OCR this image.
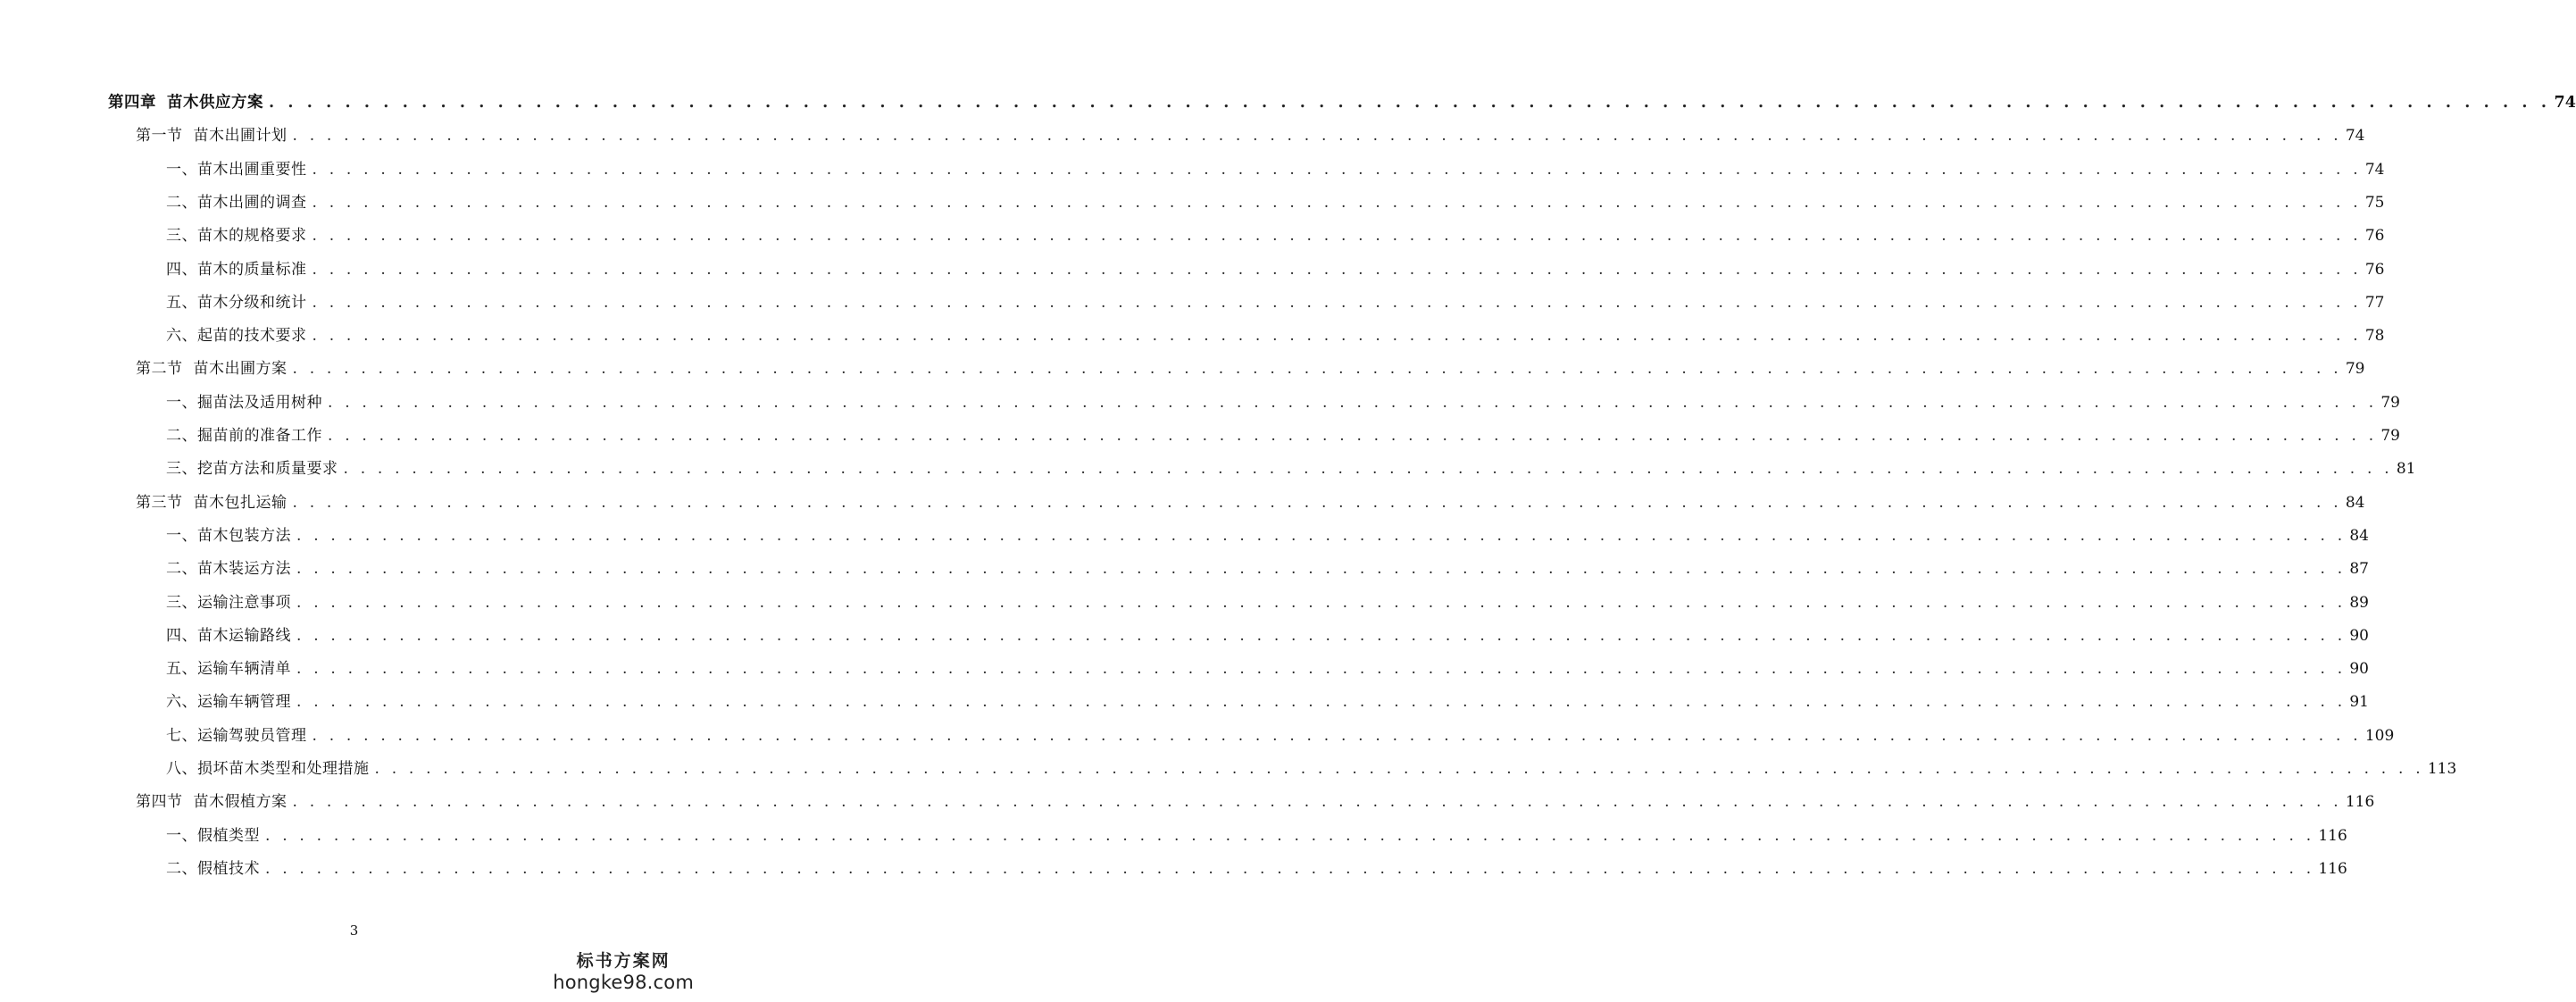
第四章 苗木供应方案 . . . . . . . . . . . . . . . . . . . . . . . . . . . . . . . . . . . . . . . . . . . . . . . . . . . . . . . . . . . . . . . . . . . . . . . . . . . . . . . . . . . . . . . . . . . . . . . . . . . . . . . . . . . . . . . . . . . . . . . . 74
第一节 苗木出圃计划 . . . . . . . . . . . . . . . . . . . . . . . . . . . . . . . . . . . . . . . . . . . . . . . . . . . . . . . . . . . . . . . . . . . . . . . . . . . . . . . . . . . . . . . . . . . . . . . . . . . . . . . . . . . . . . . . . . . . . . . . 74
一、 苗木出圃重要性 . . . . . . . . . . . . . . . . . . . . . . . . . . . . . . . . . . . . . . . . . . . . . . . . . . . . . . . . . . . . . . . . . . . . . . . . . . . . . . . . . . . . . . . . . . . . . . . . . . . . . . . . . . . . . . . . . . . . . . . . 74
二、 苗木出圃的调查 . . . . . . . . . . . . . . . . . . . . . . . . . . . . . . . . . . . . . . . . . . . . . . . . . . . . . . . . . . . . . . . . . . . . . . . . . . . . . . . . . . . . . . . . . . . . . . . . . . . . . . . . . . . . . . . . . . . . . . . . 75
三、 苗木的规格要求 . . . . . . . . . . . . . . . . . . . . . . . . . . . . . . . . . . . . . . . . . . . . . . . . . . . . . . . . . . . . . . . . . . . . . . . . . . . . . . . . . . . . . . . . . . . . . . . . . . . . . . . . . . . . . . . . . . . . . . . . 76
四、 苗木的质量标准 . . . . . . . . . . . . . . . . . . . . . . . . . . . . . . . . . . . . . . . . . . . . . . . . . . . . . . . . . . . . . . . . . . . . . . . . . . . . . . . . . . . . . . . . . . . . . . . . . . . . . . . . . . . . . . . . . . . . . . . . 76
五、 苗木分级和统计 . . . . . . . . . . . . . . . . . . . . . . . . . . . . . . . . . . . . . . . . . . . . . . . . . . . . . . . . . . . . . . . . . . . . . . . . . . . . . . . . . . . . . . . . . . . . . . . . . . . . . . . . . . . . . . . . . . . . . . . . 77
六、 起苗的技术要求 . . . . . . . . . . . . . . . . . . . . . . . . . . . . . . . . . . . . . . . . . . . . . . . . . . . . . . . . . . . . . . . . . . . . . . . . . . . . . . . . . . . . . . . . . . . . . . . . . . . . . . . . . . . . . . . . . . . . . . . . 78
第二节 苗木出圃方案 . . . . . . . . . . . . . . . . . . . . . . . . . . . . . . . . . . . . . . . . . . . . . . . . . . . . . . . . . . . . . . . . . . . . . . . . . . . . . . . . . . . . . . . . . . . . . . . . . . . . . . . . . . . . . . . . . . . . . . . . 79
一、 掘苗法及适用树种 . . . . . . . . . . . . . . . . . . . . . . . . . . . . . . . . . . . . . . . . . . . . . . . . . . . . . . . . . . . . . . . . . . . . . . . . . . . . . . . . . . . . . . . . . . . . . . . . . . . . . . . . . . . . . . . . . . . . . . . . 79
二、 掘苗前的准备工作 . . . . . . . . . . . . . . . . . . . . . . . . . . . . . . . . . . . . . . . . . . . . . . . . . . . . . . . . . . . . . . . . . . . . . . . . . . . . . . . . . . . . . . . . . . . . . . . . . . . . . . . . . . . . . . . . . . . . . . . . 79
三、 挖苗方法和质量要求 . . . . . . . . . . . . . . . . . . . . . . . . . . . . . . . . . . . . . . . . . . . . . . . . . . . . . . . . . . . . . . . . . . . . . . . . . . . . . . . . . . . . . . . . . . . . . . . . . . . . . . . . . . . . . . . . . . . . . . . . 81
第三节 苗木包扎运输 . . . . . . . . . . . . . . . . . . . . . . . . . . . . . . . . . . . . . . . . . . . . . . . . . . . . . . . . . . . . . . . . . . . . . . . . . . . . . . . . . . . . . . . . . . . . . . . . . . . . . . . . . . . . . . . . . . . . . . . . 84
一、 苗木包装方法 . . . . . . . . . . . . . . . . . . . . . . . . . . . . . . . . . . . . . . . . . . . . . . . . . . . . . . . . . . . . . . . . . . . . . . . . . . . . . . . . . . . . . . . . . . . . . . . . . . . . . . . . . . . . . . . . . . . . . . . . 84
二、 苗木装运方法 . . . . . . . . . . . . . . . . . . . . . . . . . . . . . . . . . . . . . . . . . . . . . . . . . . . . . . . . . . . . . . . . . . . . . . . . . . . . . . . . . . . . . . . . . . . . . . . . . . . . . . . . . . . . . . . . . . . . . . . . 87
三、 运输注意事项 . . . . . . . . . . . . . . . . . . . . . . . . . . . . . . . . . . . . . . . . . . . . . . . . . . . . . . . . . . . . . . . . . . . . . . . . . . . . . . . . . . . . . . . . . . . . . . . . . . . . . . . . . . . . . . . . . . . . . . . . 89
四、 苗木运输路线 . . . . . . . . . . . . . . . . . . . . . . . . . . . . . . . . . . . . . . . . . . . . . . . . . . . . . . . . . . . . . . . . . . . . . . . . . . . . . . . . . . . . . . . . . . . . . . . . . . . . . . . . . . . . . . . . . . . . . . . . 90
五、 运输车辆清单 . . . . . . . . . . . . . . . . . . . . . . . . . . . . . . . . . . . . . . . . . . . . . . . . . . . . . . . . . . . . . . . . . . . . . . . . . . . . . . . . . . . . . . . . . . . . . . . . . . . . . . . . . . . . . . . . . . . . . . . . 90
六、 运输车辆管理 . . . . . . . . . . . . . . . . . . . . . . . . . . . . . . . . . . . . . . . . . . . . . . . . . . . . . . . . . . . . . . . . . . . . . . . . . . . . . . . . . . . . . . . . . . . . . . . . . . . . . . . . . . . . . . . . . . . . . . . . 91
七、 运输驾驶员管理 . . . . . . . . . . . . . . . . . . . . . . . . . . . . . . . . . . . . . . . . . . . . . . . . . . . . . . . . . . . . . . . . . . . . . . . . . . . . . . . . . . . . . . . . . . . . . . . . . . . . . . . . . . . . . . . . . . . . . . . . 109
八、 损坏苗木类型和处理措施 . . . . . . . . . . . . . . . . . . . . . . . . . . . . . . . . . . . . . . . . . . . . . . . . . . . . . . . . . . . . . . . . . . . . . . . . . . . . . . . . . . . . . . . . . . . . . . . . . . . . . . . . . . . . . . . . . . . . . . . . 113
第四节 苗木假植方案 . . . . . . . . . . . . . . . . . . . . . . . . . . . . . . . . . . . . . . . . . . . . . . . . . . . . . . . . . . . . . . . . . . . . . . . . . . . . . . . . . . . . . . . . . . . . . . . . . . . . . . . . . . . . . . . . . . . . . . . . 116
一、 假植类型 . . . . . . . . . . . . . . . . . . . . . . . . . . . . . . . . . . . . . . . . . . . . . . . . . . . . . . . . . . . . . . . . . . . . . . . . . . . . . . . . . . . . . . . . . . . . . . . . . . . . . . . . . . . . . . . . . . . . . . . . 116
二、 假植技术 . . . . . . . . . . . . . . . . . . . . . . . . . . . . . . . . . . . . . . . . . . . . . . . . . . . . . . . . . . . . . . . . . . . . . . . . . . . . . . . . . . . . . . . . . . . . . . . . . . . . . . . . . . . . . . . . . . . . . . . . 116
3
标书方案网
hongke98.com
